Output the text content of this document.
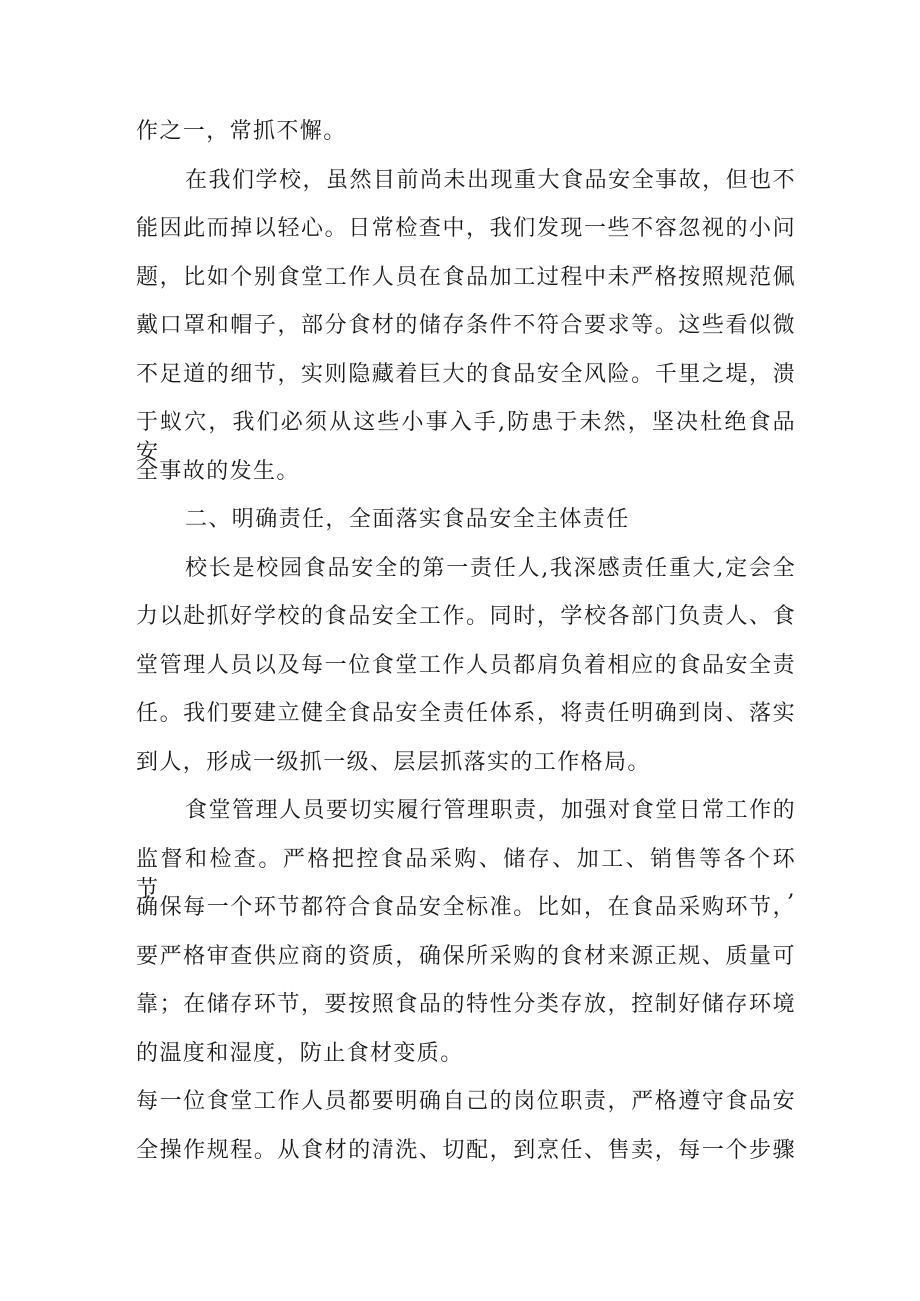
作之一，常抓不懈。
在我们学校，虽然目前尚未出现重大食品安全事故，但也不
能因此而掉以轻心。日常检查中，我们发现一些不容忽视的小问
题，比如个别食堂工作人员在食品加工过程中未严格按照规范佩
戴口罩和帽子，部分食材的储存条件不符合要求等。这些看似微
不足道的细节，实则隐藏着巨大的食品安全风险。千里之堤，溃
于蚁穴，我们必须从这些小事入手,防患于未然，坚决杜绝食品安
全事故的发生。
二、明确责任，全面落实食品安全主体责任
校长是校园食品安全的第一责任人,我深感责任重大,定会全
力以赴抓好学校的食品安全工作。同时，学校各部门负责人、食
堂管理人员以及每一位食堂工作人员都肩负着相应的食品安全责
任。我们要建立健全食品安全责任体系，将责任明确到岗、落实
到人，形成一级抓一级、层层抓落实的工作格局。
食堂管理人员要切实履行管理职责，加强对食堂日常工作的
监督和检查。严格把控食品采购、储存、加工、销售等各个环节,
确保每一个环节都符合食品安全标准。比如，在食品采购环节，
要严格审查供应商的资质，确保所采购的食材来源正规、质量可
靠；在储存环节，要按照食品的特性分类存放，控制好储存环境
的温度和湿度，防止食材变质。
每一位食堂工作人员都要明确自己的岗位职责，严格遵守食品安
全操作规程。从食材的清洗、切配，到烹任、售卖，每一个步骤
